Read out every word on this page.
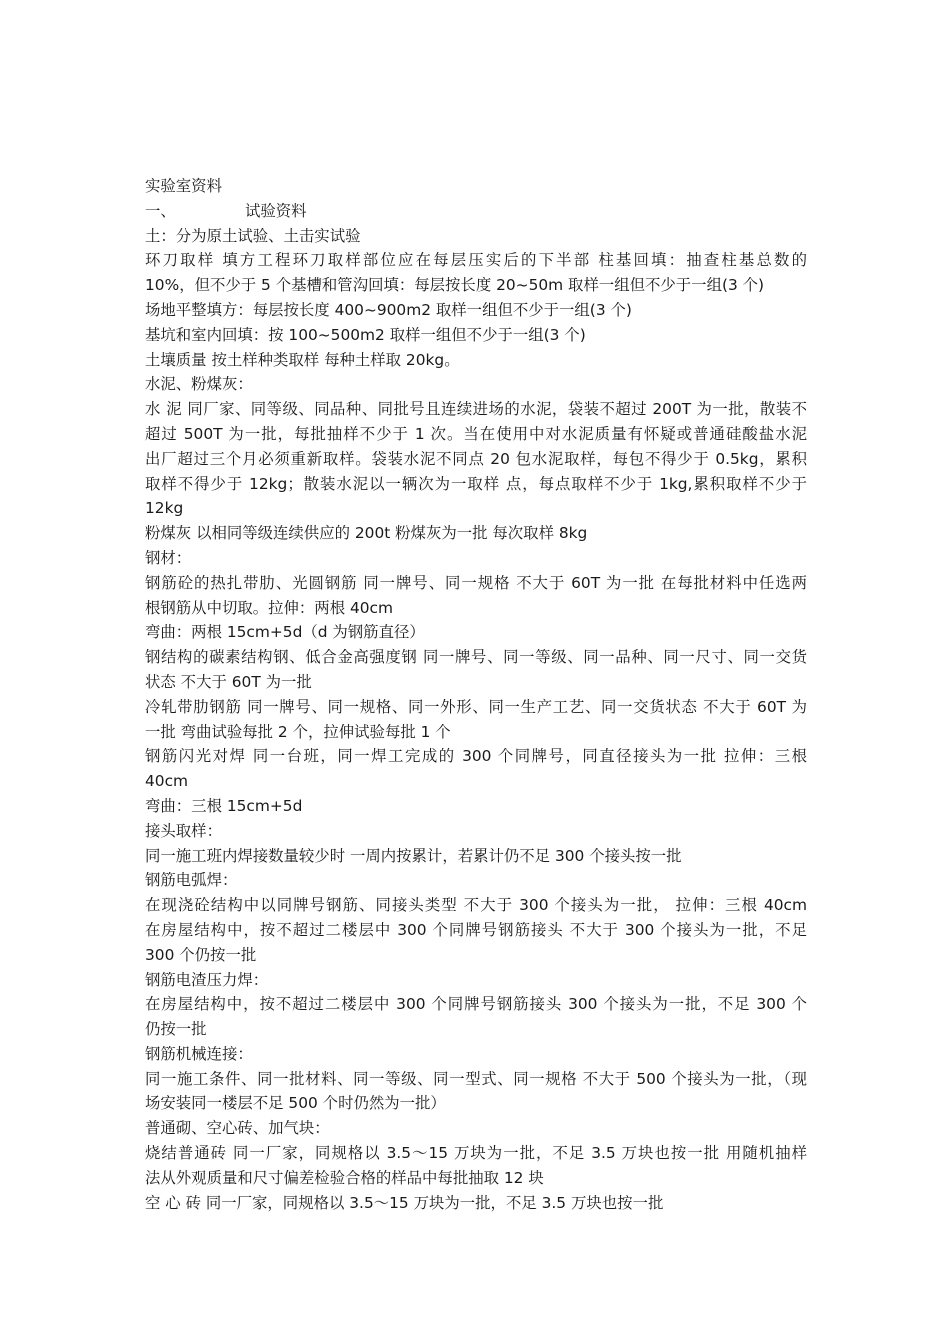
实验室资料
一、	试验资料
土：分为原土试验、土击实试验
环刀取样 填方工程环刀取样部位应在每层压实后的下半部 柱基回填：抽查柱基总数的
10%，但不少于 5 个基槽和管沟回填：每层按长度 20~50m 取样一组但不少于一组(3 个)
场地平整填方：每层按长度 400~900m2 取样一组但不少于一组(3 个)
基坑和室内回填：按 100~500m2 取样一组但不少于一组(3 个)
土壤质量 按土样种类取样 每种土样取 20kg。
水泥、粉煤灰：
水 泥 同厂家、同等级、同品种、同批号且连续进场的水泥，袋装不超过 200T 为一批，散装不
超过 500T 为一批，每批抽样不少于 1 次。当在使用中对水泥质量有怀疑或普通硅酸盐水泥
出厂超过三个月必须重新取样。袋装水泥不同点 20 包水泥取样，每包不得少于 0.5kg，累积
取样不得少于 12kg；散装水泥以一辆次为一取样 点，每点取样不少于 1kg,累积取样不少于
12kg
粉煤灰 以相同等级连续供应的 200t 粉煤灰为一批 每次取样 8kg
钢材：
钢筋砼的热扎带肋、光圆钢筋 同一牌号、同一规格 不大于 60T 为一批 在每批材料中任选两
根钢筋从中切取。拉伸：两根 40cm
弯曲：两根 15cm+5d（d 为钢筋直径）
钢结构的碳素结构钢、低合金高强度钢 同一牌号、同一等级、同一品种、同一尺寸、同一交货
状态 不大于 60T 为一批
冷轧带肋钢筋 同一牌号、同一规格、同一外形、同一生产工艺、同一交货状态 不大于 60T 为
一批 弯曲试验每批 2 个，拉伸试验每批 1 个
钢筋闪光对焊 同一台班，同一焊工完成的 300 个同牌号，同直径接头为一批 拉伸：三根
40cm
弯曲：三根 15cm+5d
接头取样：
同一施工班内焊接数量较少时 一周内按累计，若累计仍不足 300 个接头按一批
钢筋电弧焊：
在现浇砼结构中以同牌号钢筋、同接头类型 不大于 300 个接头为一批， 拉伸：三根 40cm
在房屋结构中，按不超过二楼层中 300 个同牌号钢筋接头 不大于 300 个接头为一批，不足
300 个仍按一批
钢筋电渣压力焊：
在房屋结构中，按不超过二楼层中 300 个同牌号钢筋接头 300 个接头为一批，不足 300 个
仍按一批
钢筋机械连接：
同一施工条件、同一批材料、同一等级、同一型式、同一规格 不大于 500 个接头为一批，（现
场安装同一楼层不足 500 个时仍然为一批）
普通砌、空心砖、加气块：
烧结普通砖 同一厂家，同规格以 3.5～15 万块为一批，不足 3.5 万块也按一批 用随机抽样
法从外观质量和尺寸偏差检验合格的样品中每批抽取 12 块
空 心 砖 同一厂家，同规格以 3.5～15 万块为一批，不足 3.5 万块也按一批
